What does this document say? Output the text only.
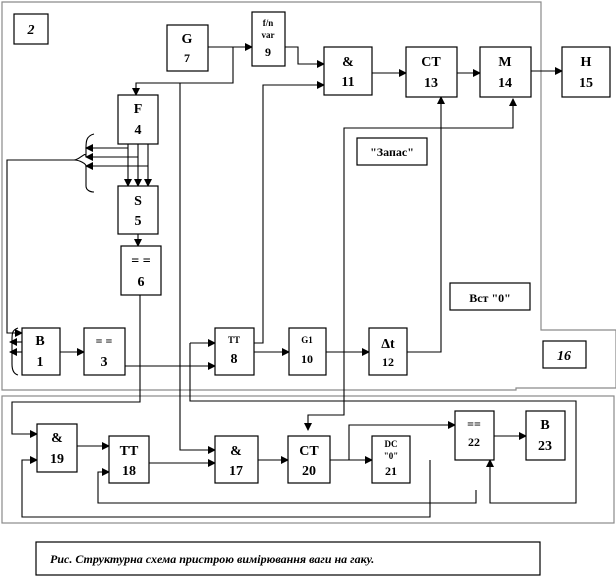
2
16
"Запас"
Вст "0"
G
7
f/n
var
9
&
11
СТ
13
М
14
Н
15
F
4
S
5
= =
6
В
1
= =
3
ТТ
8
G1
10
Δt
12
&
19
ТТ
18
&
17
СТ
20
DC
"0"
21
==
22
В
23
Рис. Структурна схема пристрою вимірювання ваги на гаку.
